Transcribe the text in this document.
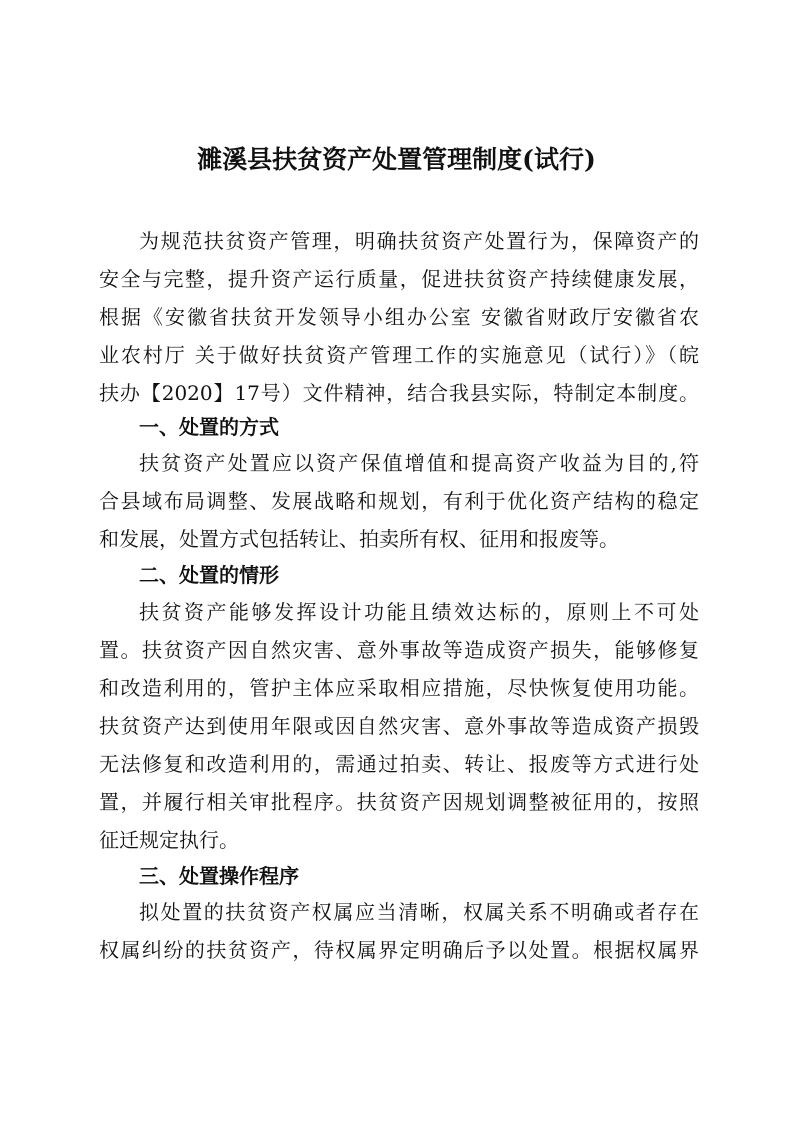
濉溪县扶贫资产处置管理制度(试行)
为规范扶贫资产管理，明确扶贫资产处置行为，保障资产的
安全与完整，提升资产运行质量，促进扶贫资产持续健康发展，
根据《安徽省扶贫开发领导小组办公室 安徽省财政厅安徽省农
业农村厅 关于做好扶贫资产管理工作的实施意见（试行）》（皖
扶办【2020】17号）文件精神，结合我县实际，特制定本制度。
一、处置的方式
扶贫资产处置应以资产保值增值和提高资产收益为目的,符
合县域布局调整、发展战略和规划，有利于优化资产结构的稳定
和发展，处置方式包括转让、拍卖所有权、征用和报废等。
二、处置的情形
扶贫资产能够发挥设计功能且绩效达标的，原则上不可处
置。扶贫资产因自然灾害、意外事故等造成资产损失，能够修复
和改造利用的，管护主体应采取相应措施，尽快恢复使用功能。
扶贫资产达到使用年限或因自然灾害、意外事故等造成资产损毁
无法修复和改造利用的，需通过拍卖、转让、报废等方式进行处
置，并履行相关审批程序。扶贫资产因规划调整被征用的，按照
征迁规定执行。
三、处置操作程序
拟处置的扶贫资产权属应当清晰，权属关系不明确或者存在
权属纠纷的扶贫资产，待权属界定明确后予以处置。根据权属界
